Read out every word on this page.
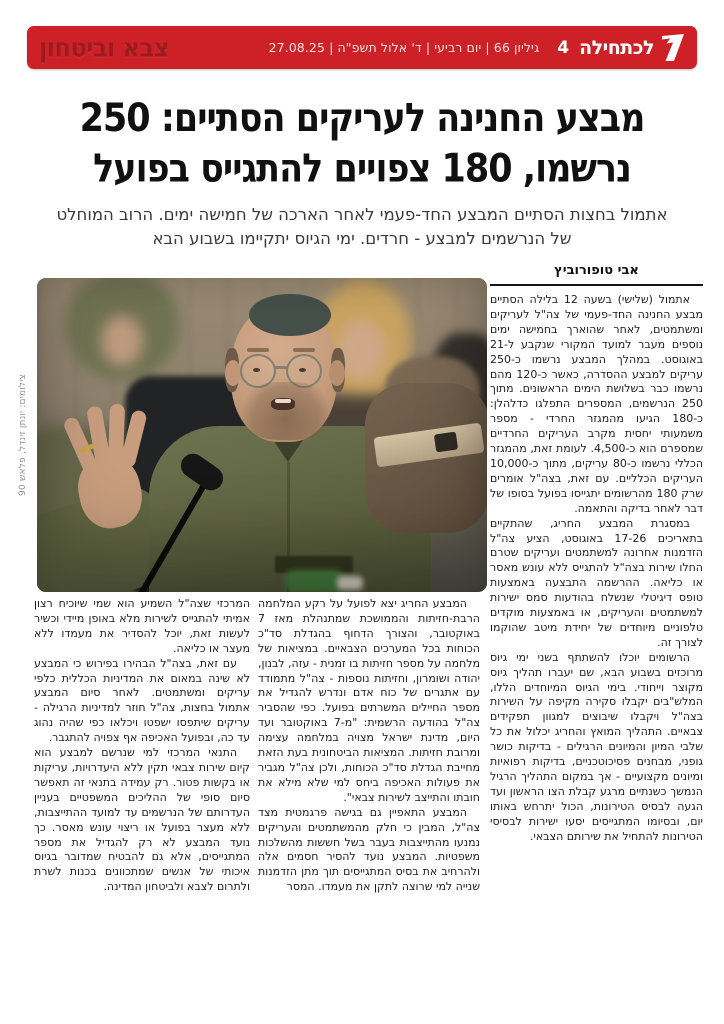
לכתחילה
4
גיליון 66 | יום רביעי | ד' אלול תשפ"ה | 27.08.25
צבא וביטחון
מבצע החנינה לעריקים הסתיים: 250
נרשמו, 180 צפויים להתגייס בפועל
אתמול בחצות הסתיים המבצע החד-פעמי לאחר הארכה של חמישה ימים. הרוב המוחלט של הנרשמים למבצע - חרדים. ימי הגיוס יתקיימו בשבוע הבא
אבי טופורוביץ
צילומים: יונתן זינדל, פלאש 90

אתמול (שלישי) בשעה 12 בלילה הסתיים מבצע החנינה החד-פעמי של צה"ל לעריקים ומשתמטים, לאחר שהוארך בחמישה ימים נוספים מעבר למועד המקורי שנקבע ל-21 באוגוסט. במהלך המבצע נרשמו כ-250 עריקים למבצע ההסדרה, כאשר כ-120 מהם נרשמו כבר בשלושת הימים הראשונים. מתוך 250 הנרשמים, המספרים התפלגו כדלהלן: כ-180 הגיעו מהמגזר החרדי - מספר משמעותי יחסית מקרב העריקים החרדיים שמספרם הוא כ-4,500. לעומת זאת, מהמגזר הכללי נרשמו כ-80 עריקים, מתוך כ-10,000 העריקים הכלליים. עם זאת, בצה"ל אומרים שרק 180 מהרשומים יתגייסו בפועל בסופו של דבר לאחר בדיקה והתאמה.

במסגרת המבצע החריג, שהתקיים בתאריכים 17-26 באוגוסט, הציע צה"ל הזדמנות אחרונה למשתמטים ועריקים שטרם החלו שירות בצה"ל להתגייס ללא עונש מאסר או כליאה. ההרשמה התבצעה באמצעות טופס דיגיטלי שנשלח בהודעות סמס ישירות למשתמטים והעריקים, או באמצעות מוקדים טלפוניים מיוחדים של יחידת מיטב שהוקמו לצורך זה.

הרשומים יוכלו להשתתף בשני ימי גיוס מרוכזים בשבוע הבא, שם יעברו תהליך גיוס מקוצר וייחודי. בימי הגיוס המיוחדים הללו, המלש"בים יקבלו סקירה מקיפה על השירות בצה"ל ויקבלו שיבוצים למגוון תפקידים צבאיים. התהליך המואץ והחריג יכלול את כל שלבי המיון והמיונים הרגילים - בדיקות כושר גופני, מבחנים פסיכוטכניים, בדיקות רפואיות ומיונים מקצועיים - אך במקום התהליך הרגיל הנמשך כשנתיים מרגע קבלת הצו הראשון ועד הגעה לבסיס הטירונות, הכול יתרחש באותו יום, ובסיומו המתגייסים יסעו ישירות לבסיסי הטירונות להתחיל את שירותם הצבאי.

המבצע החריג יצא לפועל על רקע המלחמה הרבת-חזיתות והממושכת שמתנהלת מאז 7 באוקטובר, והצורך הדחוף בהגדלת סד"כ הכוחות בכל המערכים הצבאיים. במציאות של מלחמה על מספר חזיתות בו זמנית - עזה, לבנון, יהודה ושומרון, וחזיתות נוספות - צה"ל מתמודד עם אתגרים של כוח אדם ונדרש להגדיל את מספר החיילים המשרתים בפועל. כפי שהסביר צה"ל בהודעה הרשמית: "מ-7 באוקטובר ועד היום, מדינת ישראל מצויה במלחמה עצימה ומרובת חזיתות. המציאות הביטחונית בעת הזאת מחייבת הגדלת סד"כ הכוחות, ולכן צה"ל מגביר את פעולות האכיפה ביחס למי שלא מילא את חובתו והתייצב לשירות צבאי".

המבצע התאפיין גם בגישה פרגמטית מצד צה"ל, המבין כי חלק מהמשתמטים והעריקים נמנעו מהתייצבות בעבר בשל חששות מהשלכות משפטיות. המבצע נועד להסיר חסמים אלה ולהרחיב את בסיס המתגייסים תוך מתן הזדמנות שנייה למי שרוצה לתקן את מעמדו. המסר

המרכזי שצה"ל השמיע הוא שמי שיוכיח רצון אמיתי להתגייס לשירות מלא באופן מיידי וכשיר לעשות זאת, יוכל להסדיר את מעמדו ללא מעצר או כליאה.

עם זאת, בצה"ל הבהירו בפירוש כי המבצע לא שינה במאום את המדיניות הכללית כלפי עריקים ומשתמטים. לאחר סיום המבצע אתמול בחצות, צה"ל חוזר למדיניות הרגילה - עריקים שיתפסו ישפטו ויכלאו כפי שהיה נהוג עד כה, ובפועל האכיפה אף צפויה להתגבר.

התנאי המרכזי למי שנרשם למבצע הוא קיום שירות צבאי תקין ללא היעדרויות, עריקות או בקשות פטור. רק עמידה בתנאי זה תאפשר סיום סופי של ההליכים המשפטיים בעניין העדרותם של הנרשמים עד למועד ההתייצבות, ללא מעצר בפועל או ריצוי עונש מאסר. כך נועד המבצע לא רק להגדיל את מספר המתגייסים, אלא גם להבטיח שמדובר בגיוס איכותי של אנשים שמתכוונים בכנות לשרת ולתרום לצבא ולביטחון המדינה.
